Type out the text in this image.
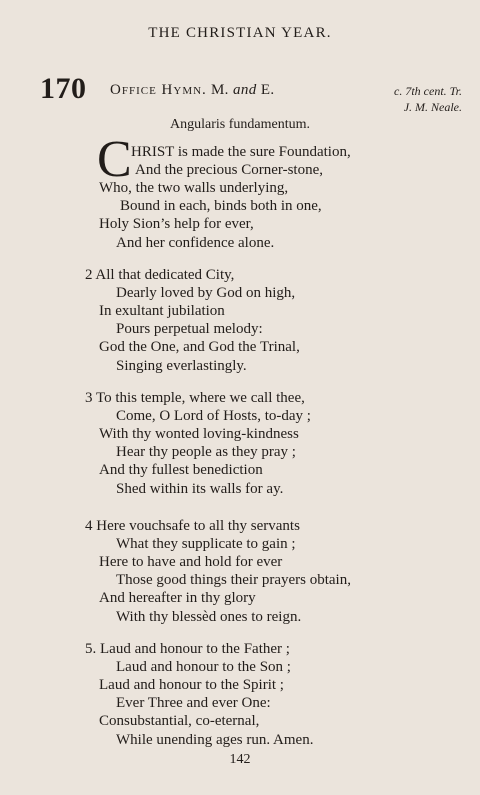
THE CHRISTIAN YEAR.
170 Office Hymn. M. and E.	c. 7th cent. Tr.
J. M. Neale.
Angularis fundamentum.
C HRIST is made the sure Foundation,
And the precious Corner-stone,
Who, the two walls underlying,
Bound in each, binds both in one,
Holy Sion’s help for ever,
And her confidence alone.
2 All that dedicated City,
Dearly loved by God on high,
In exultant jubilation
Pours perpetual melody:
God the One, and God the Trinal,
Singing everlastingly.
3 To this temple, where we call thee,
Come, O Lord of Hosts, to-day ;
With thy wonted loving-kindness
Hear thy people as they pray ;
And thy fullest benediction
Shed within its walls for ay.
4 Here vouchsafe to all thy servants
What they supplicate to gain ;
Here to have and hold for ever
Those good things their prayers obtain,
And hereafter in thy glory
With thy blessèd ones to reign.
5. Laud and honour to the Father ;
Laud and honour to the Son ;
Laud and honour to the Spirit ;
Ever Three and ever One:
Consubstantial, co-eternal,
While unending ages run. Amen.
142
